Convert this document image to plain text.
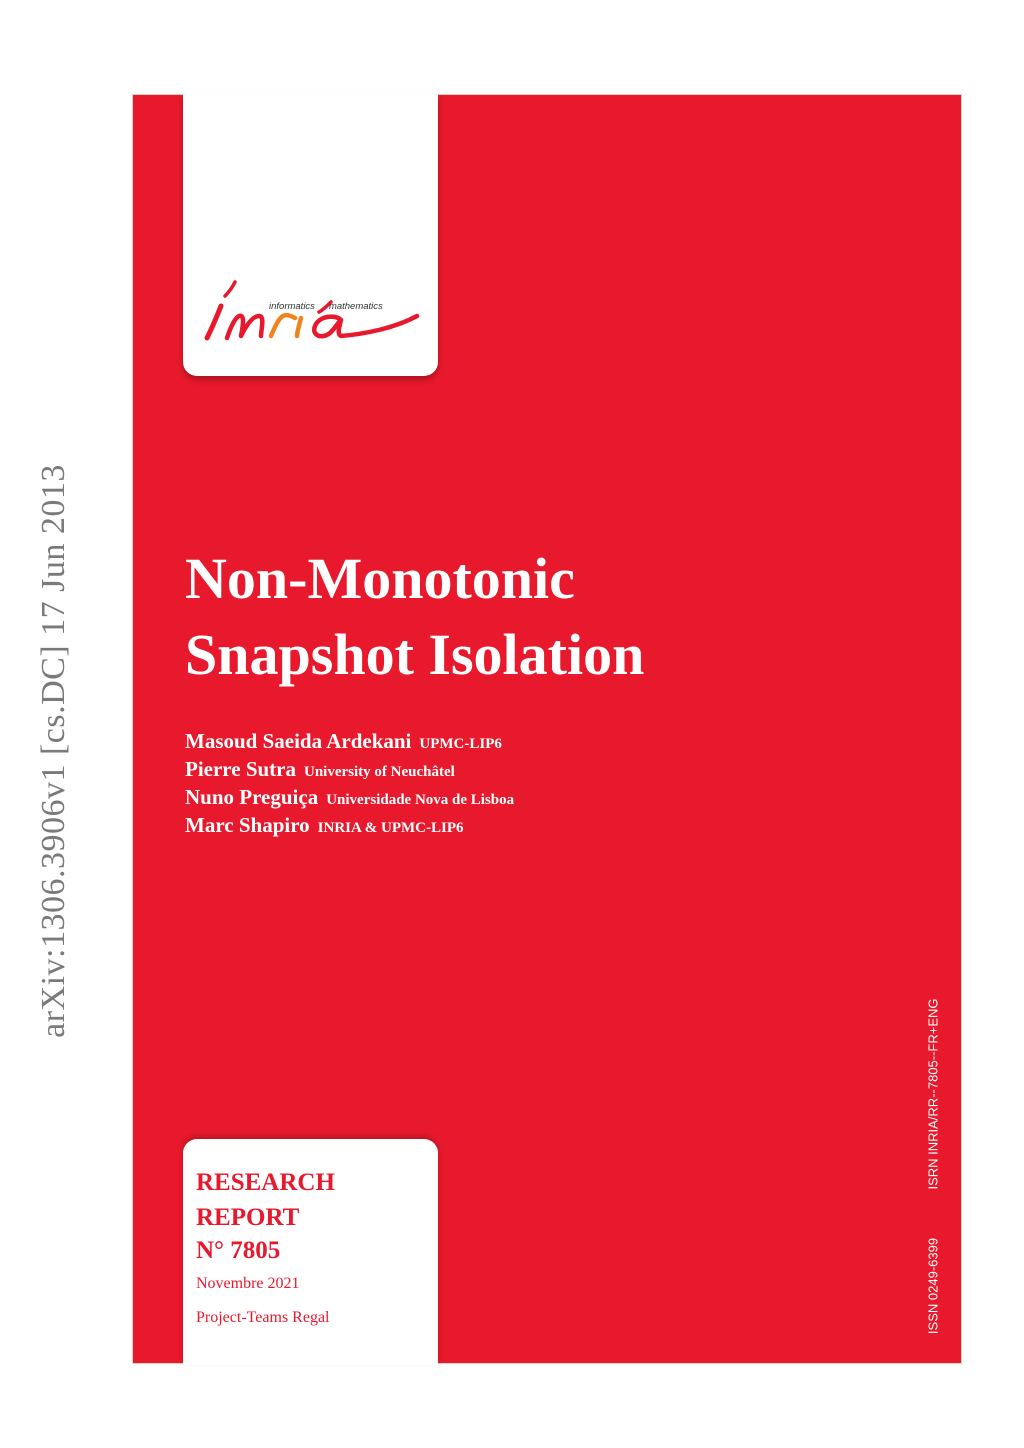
arXiv:1306.3906v1 [cs.DC] 17 Jun 2013
informatics mathematics
Non-Monotonic
Snapshot Isolation
Masoud Saeida Ardekani UPMC-LIP6
Pierre Sutra University of Neuchâtel
Nuno Preguiça Universidade Nova de Lisboa
Marc Shapiro INRIA & UPMC-LIP6
ISRN INRIA/RR--7805--FR+ENG
ISSN 0249-6399
RESEARCH
REPORT
N° 7805
Novembre 2021
Project-Teams Regal
